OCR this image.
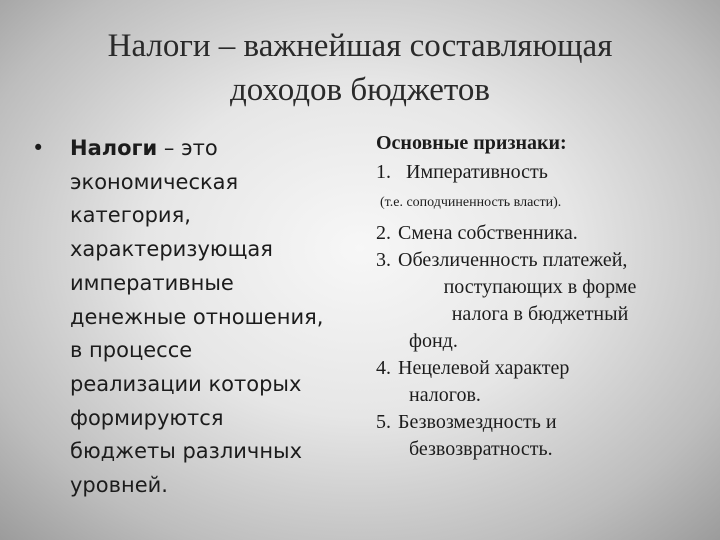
Налоги – важнейшая составляющая
доходов бюджетов
•	Налоги – это
экономическая
категория,
характеризующая
императивные
денежные отношения,
в процессе
реализации которых
формируются
бюджеты различных
уровней.
Основные признаки:
1. Императивность
(т.е. соподчиненность власти).
2. Смена собственника.
3. Обезличенность платежей,
поступающих в форме
налога в бюджетный
фонд.
4. Нецелевой характер
налогов.
5. Безвозмездность и
безвозвратность.
